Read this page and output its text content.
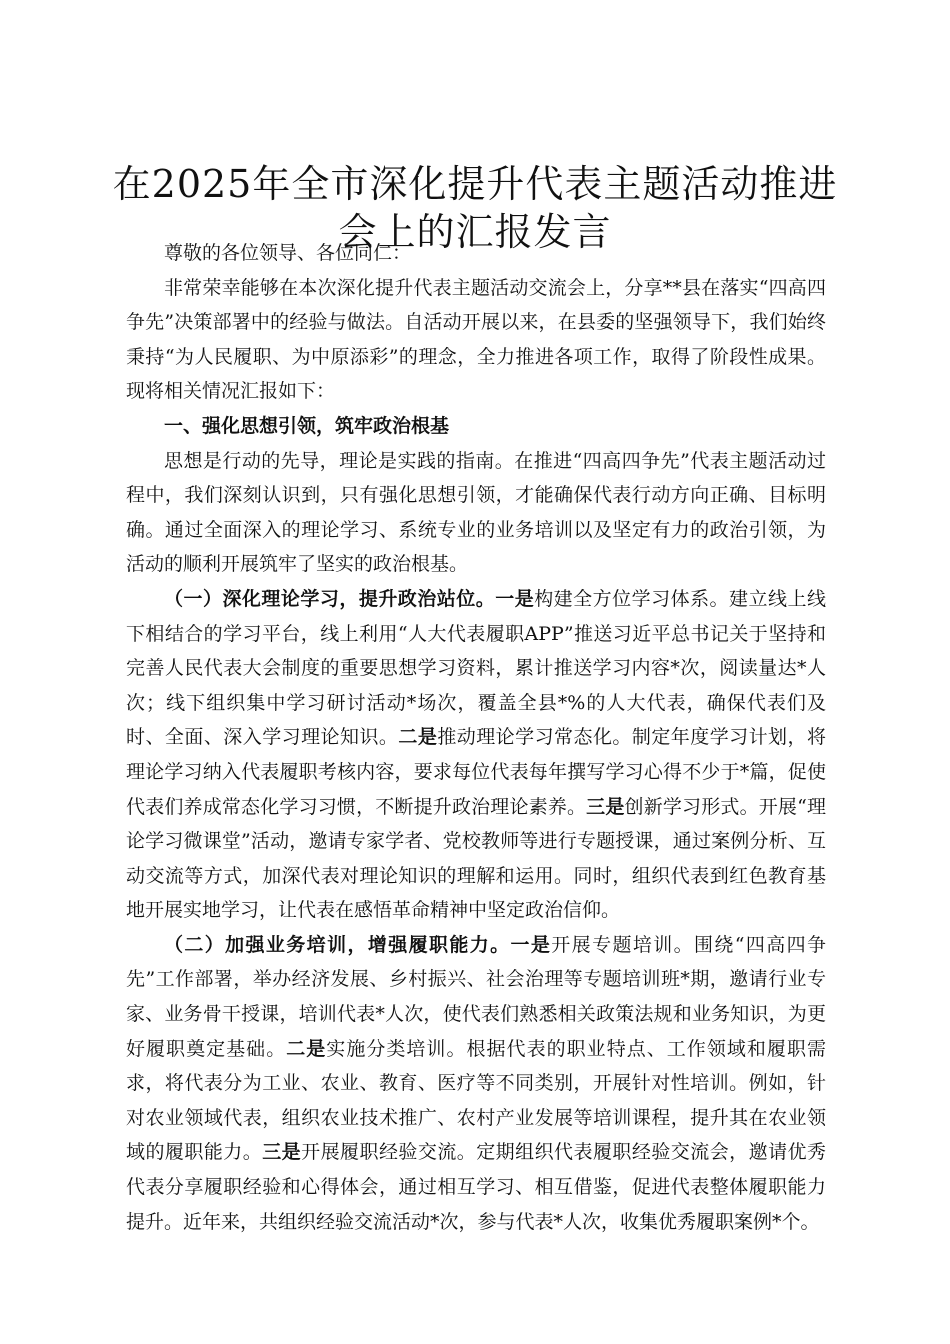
在2025年全市深化提升代表主题活动推进会上的汇报发言

尊敬的各位领导、各位同仁：

非常荣幸能够在本次深化提升代表主题活动交流会上，分享**县在落实“四高四争先”决策部署中的经验与做法。自活动开展以来，在县委的坚强领导下，我们始终秉持“为人民履职、为中原添彩”的理念，全力推进各项工作，取得了阶段性成果。现将相关情况汇报如下：

一、强化思想引领，筑牢政治根基

思想是行动的先导，理论是实践的指南。在推进“四高四争先”代表主题活动过程中，我们深刻认识到，只有强化思想引领，才能确保代表行动方向正确、目标明确。通过全面深入的理论学习、系统专业的业务培训以及坚定有力的政治引领，为活动的顺利开展筑牢了坚实的政治根基。

（一）深化理论学习，提升政治站位。一是构建全方位学习体系。建立线上线下相结合的学习平台，线上利用“人大代表履职APP”推送习近平总书记关于坚持和完善人民代表大会制度的重要思想学习资料，累计推送学习内容*次，阅读量达*人次；线下组织集中学习研讨活动*场次，覆盖全县*%的人大代表，确保代表们及时、全面、深入学习理论知识。二是推动理论学习常态化。制定年度学习计划，将理论学习纳入代表履职考核内容，要求每位代表每年撰写学习心得不少于*篇，促使代表们养成常态化学习习惯，不断提升政治理论素养。三是创新学习形式。开展“理论学习微课堂”活动，邀请专家学者、党校教师等进行专题授课，通过案例分析、互动交流等方式，加深代表对理论知识的理解和运用。同时，组织代表到红色教育基地开展实地学习，让代表在感悟革命精神中坚定政治信仰。

（二）加强业务培训，增强履职能力。一是开展专题培训。围绕“四高四争先”工作部署，举办经济发展、乡村振兴、社会治理等专题培训班*期，邀请行业专家、业务骨干授课，培训代表*人次，使代表们熟悉相关政策法规和业务知识，为更好履职奠定基础。二是实施分类培训。根据代表的职业特点、工作领域和履职需求，将代表分为工业、农业、教育、医疗等不同类别，开展针对性培训。例如，针对农业领域代表，组织农业技术推广、农村产业发展等培训课程，提升其在农业领域的履职能力。三是开展履职经验交流。定期组织代表履职经验交流会，邀请优秀代表分享履职经验和心得体会，通过相互学习、相互借鉴，促进代表整体履职能力提升。近年来，共组织经验交流活动*次，参与代表*人次，收集优秀履职案例*个。
